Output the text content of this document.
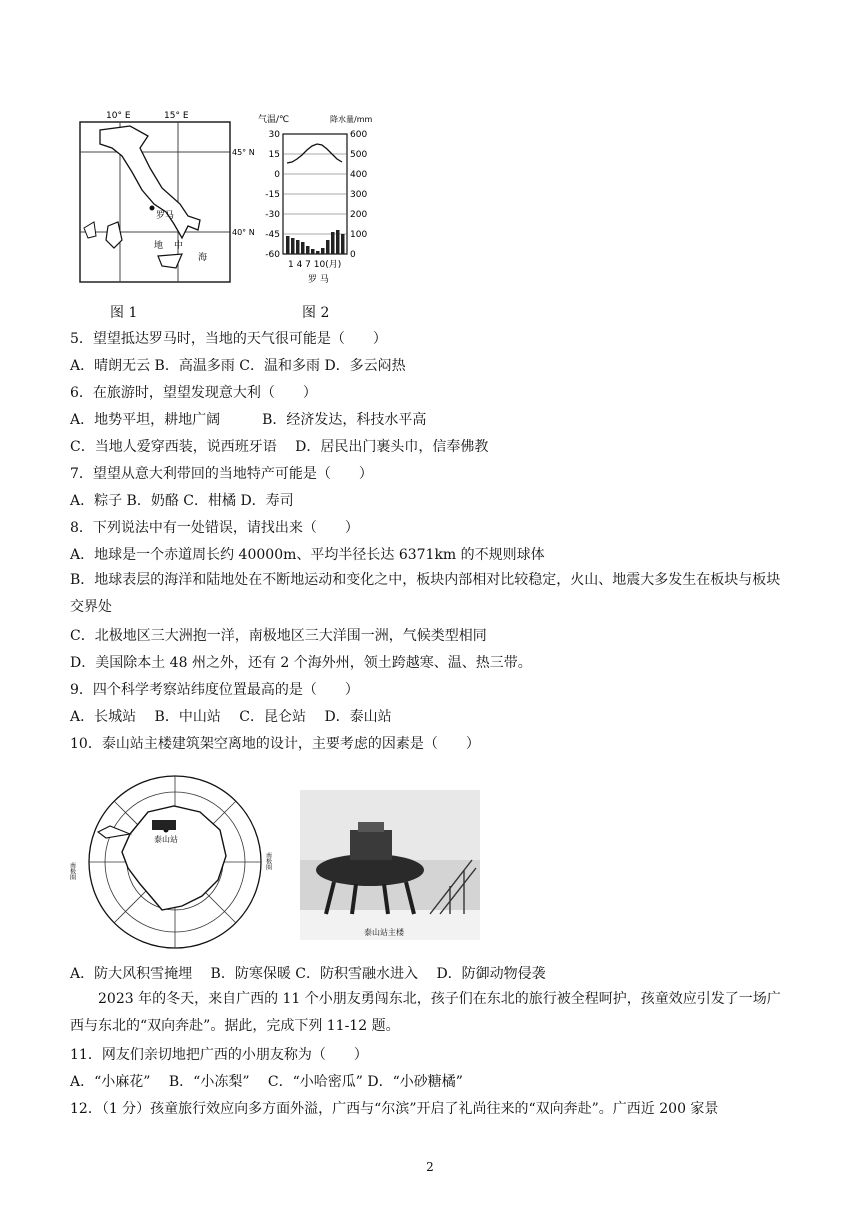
10° E	15° E
45° N
40° N
罗马
地 中
海
气温/℃	降水量/mm
30
15
0
-15
-30
-45
-60
600
500
400
300
200
100
0
1 4 7 10(月)
罗 马
图 1	图 2
5．望望抵达罗马时，当地的天气很可能是（　　）
A．晴朗无云 B．高温多雨 C．温和多雨 D．多云闷热
6．在旅游时，望望发现意大利（　　）
A．地势平坦，耕地广阔　　　B．经济发达，科技水平高
C．当地人爱穿西装，说西班牙语　 D．居民出门裹头巾，信奉佛教
7．望望从意大利带回的当地特产可能是（　　）
A．粽子 B．奶酪 C．柑橘 D．寿司
8．下列说法中有一处错误，请找出来（　　）
A．地球是一个赤道周长约 40000m、平均半径长达 6371km 的不规则球体
B．地球表层的海洋和陆地处在不断地运动和变化之中，板块内部相对比较稳定，火山、地震大多发生在板块与板块交界处
C．北极地区三大洲抱一洋，南极地区三大洋围一洲，气候类型相同
D．美国除本土 48 州之外，还有 2 个海外州，领土跨越寒、温、热三带。
9．四个科学考察站纬度位置最高的是（　　）
A．长城站　 B．中山站　 C．昆仑站　 D．泰山站
10．泰山站主楼建筑架空离地的设计，主要考虑的因素是（　　）
泰山站
南极圈
南极圈
泰山站主楼
A．防大风积雪掩埋　 B．防寒保暖 C．防积雪融水进入　 D．防御动物侵袭
2023 年的冬天，来自广西的 11 个小朋友勇闯东北，孩子们在东北的旅行被全程呵护，孩童效应引发了一场广西与东北的“双向奔赴”。据此，完成下列 11-12 题。
11．网友们亲切地把广西的小朋友称为（　　）
A．“小麻花”　 B．“小冻梨”　 C．“小哈密瓜” D．“小砂糖橘”
12．（1 分）孩童旅行效应向多方面外溢，广西与“尔滨”开启了礼尚往来的“双向奔赴”。广西近 200 家景
2
